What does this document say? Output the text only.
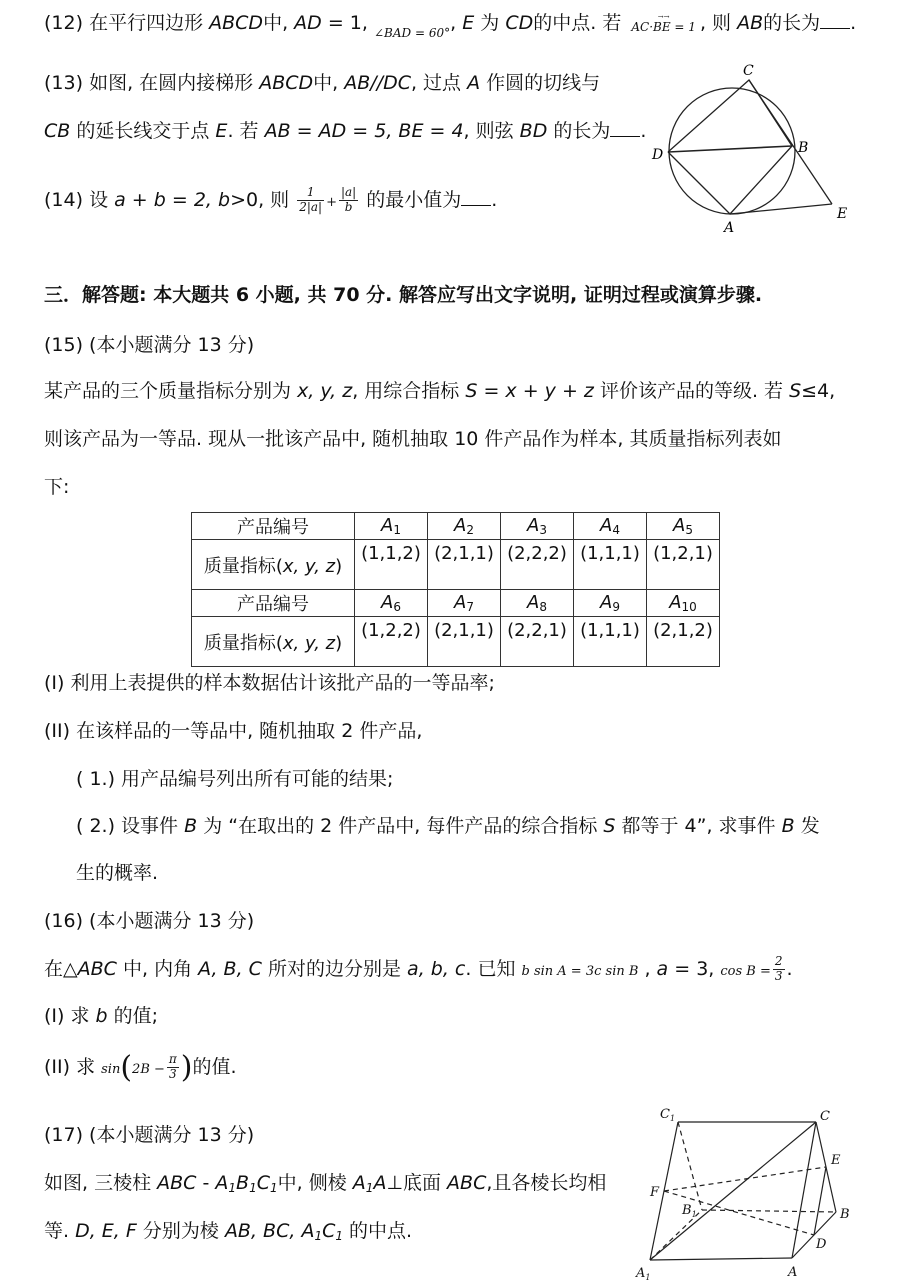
(12) 在平行四边形 ABCD中, AD = 1, $_{\angle BAD = 60^\circ}$, E 为 CD的中点. 若	→→
AC·BE = 1 , 则 AB的长为 .
(13) 如图, 在圆内接梯形 ABCD中, AB//DC, 过点 A 作圆的切线与
CB 的延长线交于点 E. 若 AB = AD = 5, BE = 4, 则弦 BD 的长为 .
(14) 设 a + b = 2, b>0, 则 $\frac{1}{2|a|} + \frac{|a|}{b}$ 的最小值为 .
C
D	B
A
E
三．解答题: 本大题共 6 小题, 共 70 分. 解答应写出文字说明, 证明过程或演算步骤.
(15) (本小题满分 13 分)
某产品的三个质量指标分别为 x, y, z, 用综合指标 S = x + y + z 评价该产品的等级. 若 S≤4,
则该产品为一等品. 现从一批该产品中, 随机抽取 10 件产品作为样本, 其质量指标列表如
下:
产品编号	$A_1$	$A_2$	$A_3$	$A_4$	$A_5$
质量指标(x, y, z)	(1,1,2)	(2,1,1)	(2,2,2)	(1,1,1)	(1,2,1)
产品编号	$A_6$	$A_7$	$A_8$	$A_9$	$A_{10}$
质量指标(x, y, z)	(1,2,2)	(2,1,1)	(2,2,1)	(1,1,1)	(2,1,2)
(I) 利用上表提供的样本数据估计该批产品的一等品率;
(II) 在该样品的一等品中, 随机抽取 2 件产品,
( 1.) 用产品编号列出所有可能的结果;
( 2.) 设事件 B 为 “在取出的 2 件产品中, 每件产品的综合指标 S 都等于 4”, 求事件 B 发
生的概率.
(16) (本小题满分 13 分)
在△ABC 中, 内角 A, B, C 所对的边分别是 a, b, c. 已知 b sin A = 3c sin B , a = 3, $\cos B = \frac{2}{3}$ .
(I) 求 b 的值;
(II) 求 $\sin(2B - \frac{\pi}{3}$ )的值.
(17) (本小题满分 13 分)
如图, 三棱柱 ABC - $A_1B_1C_1$中, 侧棱 $A_1A\perp$底面 ABC,且各棱长均相
等. D, E, F 分别为棱 AB, BC, $A_1C_1$ 的中点.
$C_1$	C
E
F
$B_1$	B
D
$A_1$	A
